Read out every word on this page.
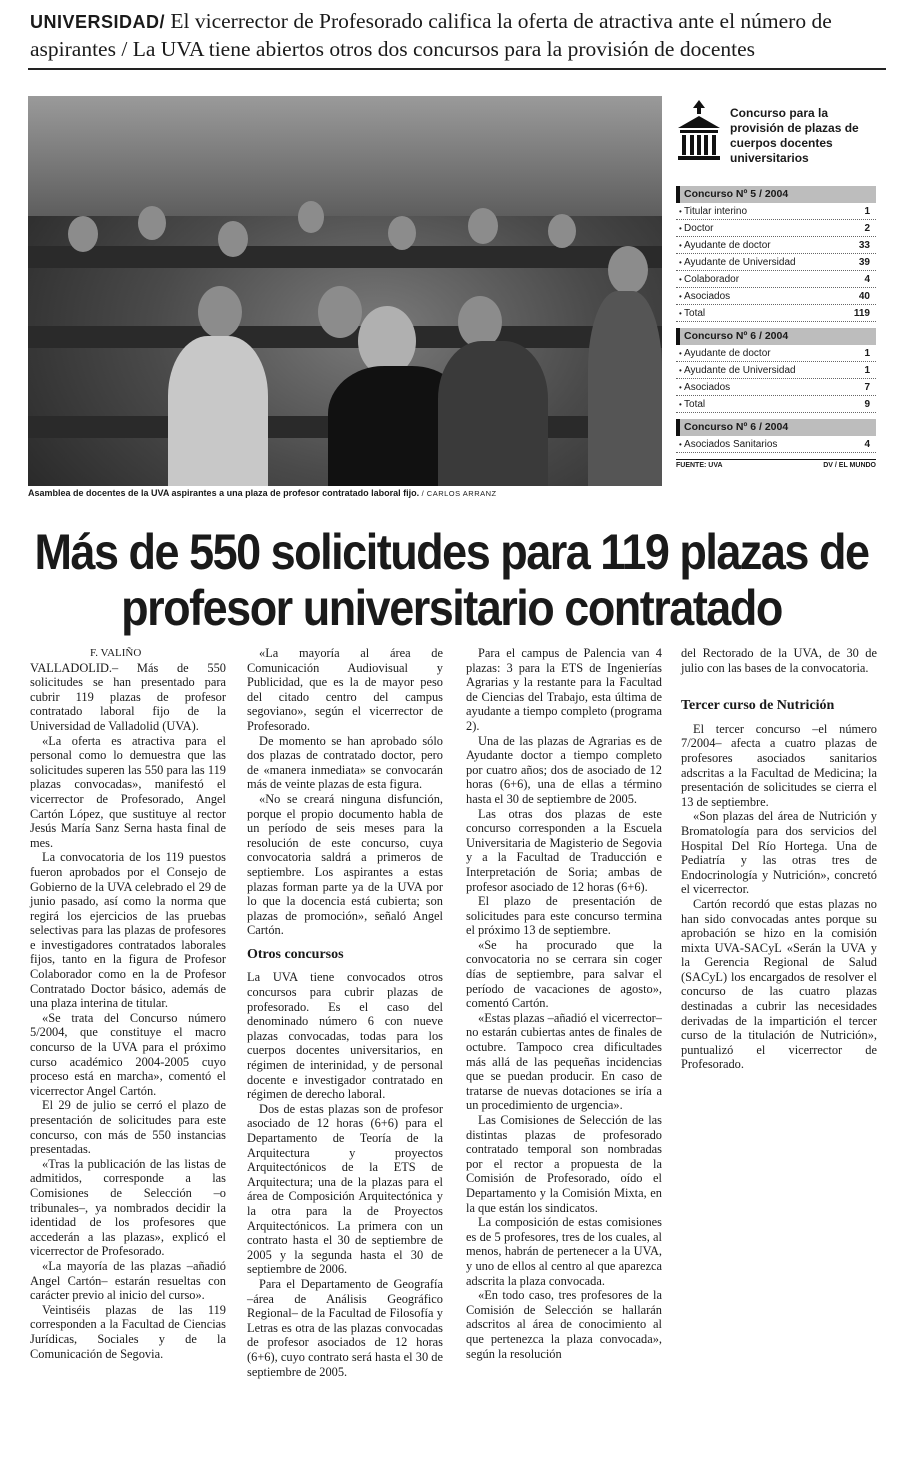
UNIVERSIDAD/ El vicerrector de Profesorado califica la oferta de atractiva ante el número de aspirantes / La UVA tiene abiertos otros dos concursos para la provisión de docentes
Asamblea de docentes de la UVA aspirantes a una plaza de profesor contratado laboral fijo. / CARLOS ARRANZ
Concurso para la provisión de plazas de cuerpos docentes universitarios
Concurso Nº 5 / 2004
• Titular interino	1
• Doctor	2
• Ayudante de doctor	33
• Ayudante de Universidad	39
• Colaborador	4
• Asociados	40
• Total	119
Concurso Nº 6 / 2004
• Ayudante de doctor	1
• Ayudante de Universidad	1
• Asociados	7
• Total	9
Concurso Nº 6 / 2004
• Asociados Sanitarios	4
FUENTE: UVA	DV / EL MUNDO
Más de 550 solicitudes para 119 plazas de profesor universitario contratado
F. VALIÑO

VALLADOLID.– Más de 550 solicitudes se han presentado para cubrir 119 plazas de profesor contratado laboral fijo de la Universidad de Valladolid (UVA).

«La oferta es atractiva para el personal como lo demuestra que las solicitudes superen las 550 para las 119 plazas convocadas», manifestó el vicerrector de Profesorado, Angel Cartón López, que sustituye al rector Jesús María Sanz Serna hasta final de mes.

La convocatoria de los 119 puestos fueron aprobados por el Consejo de Gobierno de la UVA celebrado el 29 de junio pasado, así como la norma que regirá los ejercicios de las pruebas selectivas para las plazas de profesores e investigadores contratados laborales fijos, tanto en la figura de Profesor Colaborador como en la de Profesor Contratado Doctor básico, además de una plaza interina de titular.

«Se trata del Concurso número 5/2004, que constituye el macro concurso de la UVA para el próximo curso académico 2004-2005 cuyo proceso está en marcha», comentó el vicerrector Angel Cartón.

El 29 de julio se cerró el plazo de presentación de solicitudes para este concurso, con más de 550 instancias presentadas.

«Tras la publicación de las listas de admitidos, corresponde a las Comisiones de Selección –o tribunales–, ya nombrados decidir la identidad de los profesores que accederán a las plazas», explicó el vicerrector de Profesorado.

«La mayoría de las plazas –añadió Angel Cartón– estarán resueltas con carácter previo al inicio del curso».

Veintiséis plazas de las 119 corresponden a la Facultad de Ciencias Jurídicas, Sociales y de la Comunicación de Segovia.

«La mayoría al área de Comunicación Audiovisual y Publicidad, que es la de mayor peso del citado centro del campus segoviano», según el vicerrector de Profesorado.

De momento se han aprobado sólo dos plazas de contratado doctor, pero de «manera inmediata» se convocarán más de veinte plazas de esta figura.

«No se creará ninguna disfunción, porque el propio documento habla de un período de seis meses para la resolución de este concurso, cuya convocatoria saldrá a primeros de septiembre. Los aspirantes a estas plazas forman parte ya de la UVA por lo que la docencia está cubierta; son plazas de promoción», señaló Angel Cartón.

Otros concursos

La UVA tiene convocados otros concursos para cubrir plazas de profesorado. Es el caso del denominado número 6 con nueve plazas convocadas, todas para los cuerpos docentes universitarios, en régimen de interinidad, y de personal docente e investigador contratado en régimen de derecho laboral.

Dos de estas plazas son de profesor asociado de 12 horas (6+6) para el Departamento de Teoría de la Arquitectura y proyectos Arquitectónicos de la ETS de Arquitectura; una de la plazas para el área de Composición Arquitectónica y la otra para la de Proyectos Arquitectónicos. La primera con un contrato hasta el 30 de septiembre de 2005 y la segunda hasta el 30 de septiembre de 2006.

Para el Departamento de Geografía –área de Análisis Geográfico Regional– de la Facultad de Filosofía y Letras es otra de las plazas convocadas de profesor asociados de 12 horas (6+6), cuyo contrato será hasta el 30 de septiembre de 2005.

Para el campus de Palencia van 4 plazas: 3 para la ETS de Ingenierías Agrarias y la restante para la Facultad de Ciencias del Trabajo, esta última de ayudante a tiempo completo (programa 2).

Una de las plazas de Agrarias es de Ayudante doctor a tiempo completo por cuatro años; dos de asociado de 12 horas (6+6), una de ellas a término hasta el 30 de septiembre de 2005.

Las otras dos plazas de este concurso corresponden a la Escuela Universitaria de Magisterio de Segovia y a la Facultad de Traducción e Interpretación de Soria; ambas de profesor asociado de 12 horas (6+6).

El plazo de presentación de solicitudes para este concurso termina el próximo 13 de septiembre.

«Se ha procurado que la convocatoria no se cerrara sin coger días de septiembre, para salvar el período de vacaciones de agosto», comentó Cartón.

«Estas plazas –añadió el vicerrector– no estarán cubiertas antes de finales de octubre. Tampoco crea dificultades más allá de las pequeñas incidencias que se puedan producir. En caso de tratarse de nuevas dotaciones se iría a un procedimiento de urgencia».

Las Comisiones de Selección de las distintas plazas de profesorado contratado temporal son nombradas por el rector a propuesta de la Comisión de Profesorado, oído el Departamento y la Comisión Mixta, en la que están los sindicatos.

La composición de estas comisiones es de 5 profesores, tres de los cuales, al menos, habrán de pertenecer a la UVA, y uno de ellos al centro al que aparezca adscrita la plaza convocada.

«En todo caso, tres profesores de la Comisión de Selección se hallarán adscritos al área de conocimiento al que pertenezca la plaza convocada», según la resolución

del Rectorado de la UVA, de 30 de julio con las bases de la convocatoria.

Tercer curso de Nutrición

El tercer concurso –el número 7/2004– afecta a cuatro plazas de profesores asociados sanitarios adscritas a la Facultad de Medicina; la presentación de solicitudes se cierra el 13 de septiembre.

«Son plazas del área de Nutrición y Bromatología para dos servicios del Hospital Del Río Hortega. Una de Pediatría y las otras tres de Endocrinología y Nutrición», concretó el vicerrector.

Cartón recordó que estas plazas no han sido convocadas antes porque su aprobación se hizo en la comisión mixta UVA-SACyL «Serán la UVA y la Gerencia Regional de Salud (SACyL) los encargados de resolver el concurso de las cuatro plazas destinadas a cubrir las necesidades derivadas de la impartición el tercer curso de la titulación de Nutrición», puntualizó el vicerrector de Profesorado.
